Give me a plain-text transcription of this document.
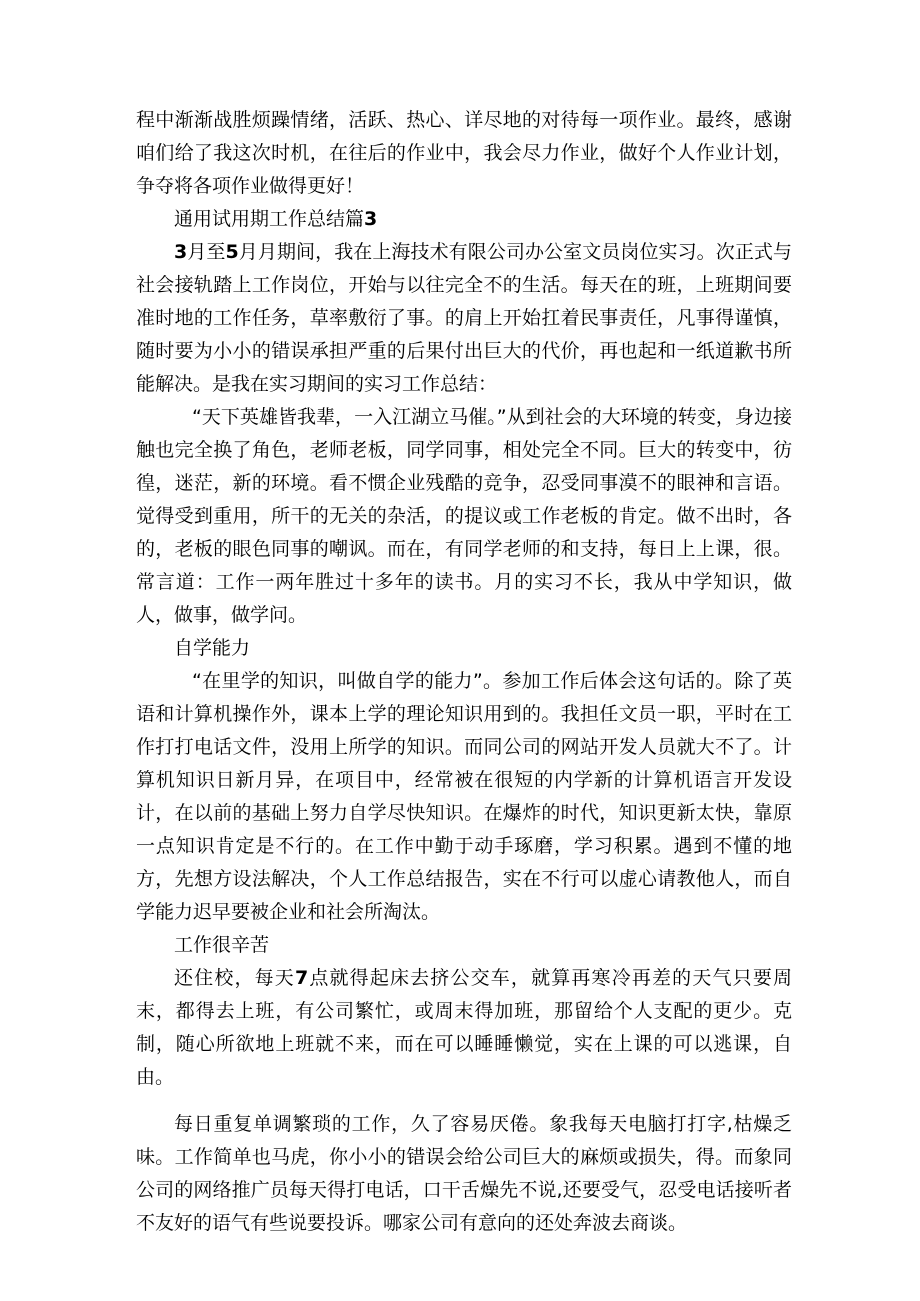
程中渐渐战胜烦躁情绪，活跃、热心、详尽地的对待每一项作业。最终，感谢咱们给了我这次时机，在往后的作业中，我会尽力作业，做好个人作业计划，争夺将各项作业做得更好！

通用试用期工作总结篇3

3月至5月月期间，我在上海技术有限公司办公室文员岗位实习。次正式与社会接轨踏上工作岗位，开始与以往完全不的生活。每天在的班，上班期间要准时地的工作任务，草率敷衍了事。的肩上开始扛着民事责任，凡事得谨慎，随时要为小小的错误承担严重的后果付出巨大的代价，再也起和一纸道歉书所能解决。是我在实习期间的实习工作总结：

“天下英雄皆我辈，一入江湖立马催。”从到社会的大环境的转变，身边接触也完全换了角色，老师老板，同学同事，相处完全不同。巨大的转变中，彷徨，迷茫，新的环境。看不惯企业残酷的竞争，忍受同事漠不的眼神和言语。觉得受到重用，所干的无关的杂活，的提议或工作老板的肯定。做不出时，各的，老板的眼色同事的嘲讽。而在，有同学老师的和支持，每日上上课，很。常言道：工作一两年胜过十多年的读书。月的实习不长，我从中学知识，做人，做事，做学问。

自学能力

“在里学的知识，叫做自学的能力”。参加工作后体会这句话的。除了英语和计算机操作外，课本上学的理论知识用到的。我担任文员一职，平时在工作打打电话文件，没用上所学的知识。而同公司的网站开发人员就大不了。计算机知识日新月异，在项目中，经常被在很短的内学新的计算机语言开发设计，在以前的基础上努力自学尽快知识。在爆炸的时代，知识更新太快，靠原一点知识肯定是不行的。在工作中勤于动手琢磨，学习积累。遇到不懂的地方，先想方设法解决，个人工作总结报告，实在不行可以虚心请教他人，而自学能力迟早要被企业和社会所淘汰。

工作很辛苦

还住校，每天7点就得起床去挤公交车，就算再寒冷再差的天气只要周末，都得去上班，有公司繁忙，或周末得加班，那留给个人支配的更少。克制，随心所欲地上班就不来，而在可以睡睡懒觉，实在上课的可以逃课，自由。

每日重复单调繁琐的工作，久了容易厌倦。象我每天电脑打打字,枯燥乏味。工作简单也马虎，你小小的错误会给公司巨大的麻烦或损失，得。而象同公司的网络推广员每天得打电话，口干舌燥先不说,还要受气，忍受电话接听者不友好的语气有些说要投诉。哪家公司有意向的还处奔波去商谈。
